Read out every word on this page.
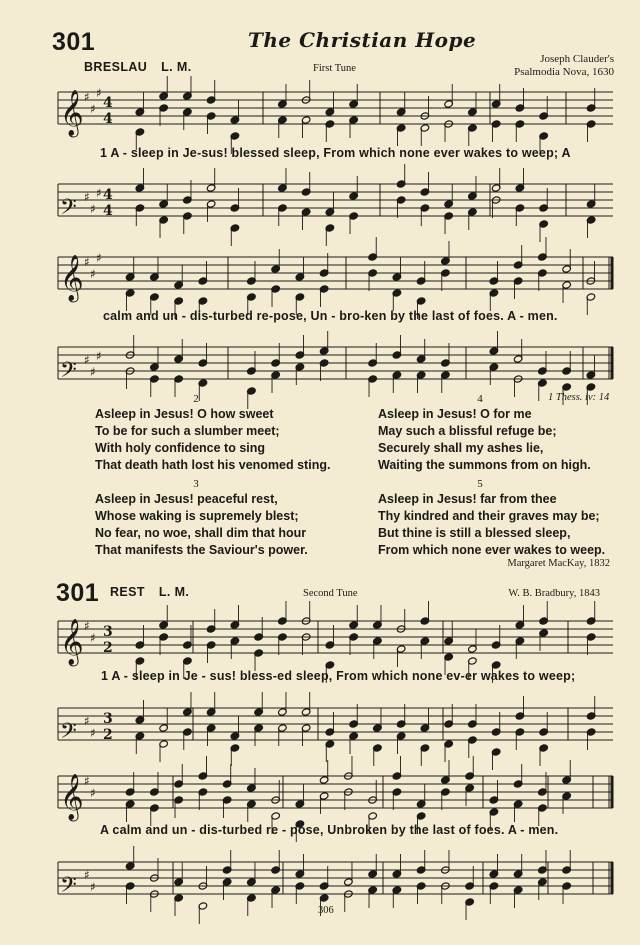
301	The Christian Hope
BRESLAU L. M.	First Tune
Joseph Clauder's
Psalmodia Nova, 1630
𝄞 ♯
♯
♯
4
4
1 A - sleep in Je-sus! blessed sleep, From which none ever wakes to weep; A
𝄢 ♯
♯
♯ 4
4
𝄞 ♯
♯
♯
calm and un - dis-turbed re-pose, Un - bro-ken by the last of foes. A - men.
𝄢 ♯
♯
♯
1 Thess. iv: 14
2
Asleep in Jesus! O how sweet
To be for such a slumber meet;
With holy confidence to sing
That death hath lost his venomed sting.
4
Asleep in Jesus! O for me
May such a blissful refuge be;
Securely shall my ashes lie,
Waiting the summons from on high.
3
Asleep in Jesus! peaceful rest,
Whose waking is supremely blest;
No fear, no woe, shall dim that hour
That manifests the Saviour's power.
5
Asleep in Jesus! far from thee
Thy kindred and their graves may be;
But thine is still a blessed sleep,
From which none ever wakes to weep.
Margaret MacKay, 1832
301 REST L. M.	Second Tune	W. B. Bradbury, 1843
𝄞 ♯
♯ 3
2
1 A - sleep in Je - sus! bless-ed sleep, From which none ev-er wakes to weep;
𝄢 ♯
♯
3
2
𝄞 ♯
♯
A calm and un - dis-turbed re - pose, Unbroken by the last of foes. A - men.
𝄢 ♯
♯
306
